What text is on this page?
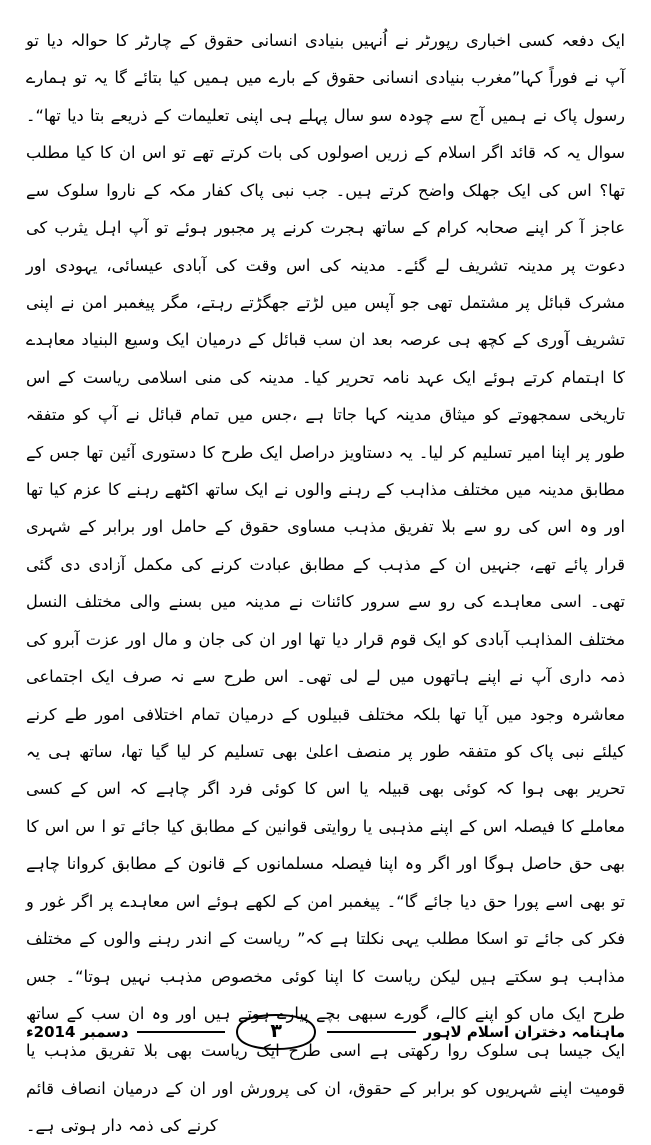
ایک دفعہ کسی اخباری رپورٹر نے اُنہیں بنیادی انسانی حقوق کے چارٹر کا حوالہ دیا تو آپ نے فوراً کہا”مغرب بنیادی انسانی حقوق کے بارے میں ہمیں کیا بتائے گا یہ تو ہمارے رسول پاک نے ہمیں آج سے چودہ سو سال پہلے ہی اپنی تعلیمات کے ذریعے بتا دیا تھا“۔سوال یہ کہ قائد اگر اسلام کے زریں اصولوں کی بات کرتے تھے تو اس ان کا کیا مطلب تھا؟ اس کی ایک جھلک واضح کرتے ہیں۔ جب نبی پاک کفار مکہ کے ناروا سلوک سے عاجز آ کر اپنے صحابہ کرام کے ساتھ ہجرت کرنے پر مجبور ہوئے تو آپ اہل یثرب کی دعوت پر مدینہ تشریف لے گئے۔ مدینہ کی اس وقت کی آبادی عیسائی، یہودی اور مشرک قبائل پر مشتمل تھی جو آپس میں لڑتے جھگڑتے رہتے، مگر پیغمبر امن نے اپنی تشریف آوری کے کچھ ہی عرصہ بعد ان سب قبائل کے درمیان ایک وسیع البنیاد معاہدے کا اہتمام کرتے ہوئے ایک عہد نامہ تحریر کیا۔ مدینہ کی منی اسلامی ریاست کے اس تاریخی سمجھوتے کو میثاق مدینہ کہا جاتا ہے ،جس میں تمام قبائل نے آپ کو متفقہ طور پر اپنا امیر تسلیم کر لیا۔ یہ دستاویز دراصل ایک طرح کا دستوری آئین تھا جس کے مطابق مدینہ میں مختلف مذاہب کے رہنے والوں نے ایک ساتھ اکٹھے رہنے کا عزم کیا تھا اور وہ اس کی رو سے بلا تفریق مذہب مساوی حقوق کے حامل اور برابر کے شہری قرار پائے تھے، جنہیں ان کے مذہب کے مطابق عبادت کرنے کی مکمل آزادی دی گئی تھی۔ اسی معاہدے کی رو سے سرور کائنات نے مدینہ میں بسنے والی مختلف النسل مختلف المذاہب آبادی کو ایک قوم قرار دیا تھا اور ان کی جان و مال اور عزت آبرو کی ذمہ داری آپ نے اپنے ہاتھوں میں لے لی تھی۔ اس طرح سے نہ صرف ایک اجتماعی معاشرہ وجود میں آیا تھا بلکہ مختلف قبیلوں کے درمیان تمام اختلافی امور طے کرنے کیلئے نبی پاک کو متفقہ طور پر منصف اعلیٰ بھی تسلیم کر لیا گیا تھا، ساتھ ہی یہ تحریر بھی ہوا کہ کوئی بھی قبیلہ یا اس کا کوئی فرد اگر چاہے کہ اس کے کسی معاملے کا فیصلہ اس کے اپنے مذہبی یا روایتی قوانین کے مطابق کیا جائے تو ا س اس کا بھی حق حاصل ہوگا اور اگر وہ اپنا فیصلہ مسلمانوں کے قانون کے مطابق کروانا چاہے تو بھی اسے پورا حق دیا جائے گا“۔ پیغمبر امن کے لکھے ہوئے اس معاہدے پر اگر غور و فکر کی جائے تو اسکا مطلب یہی نکلتا ہے کہ” ریاست کے اندر رہنے والوں کے مختلف مذاہب ہو سکتے ہیں لیکن ریاست کا اپنا کوئی مخصوص مذہب نہیں ہوتا“۔ جس طرح ایک ماں کو اپنے کالے، گورے سبھی بچے پیارے ہوتے ہیں اور وہ ان سب کے ساتھ ایک جیسا ہی سلوک روا رکھتی ہے اسی طرح ایک ریاست بھی بلا تفریق مذہب یا قومیت اپنے شہریوں کو برابر کے حقوق، ان کی پرورش اور ان کے درمیان انصاف قائم کرنے کی ذمہ دار ہوتی ہے۔

ماہنامہ دختران اسلام لاہور
۳
دسمبر 2014ء
